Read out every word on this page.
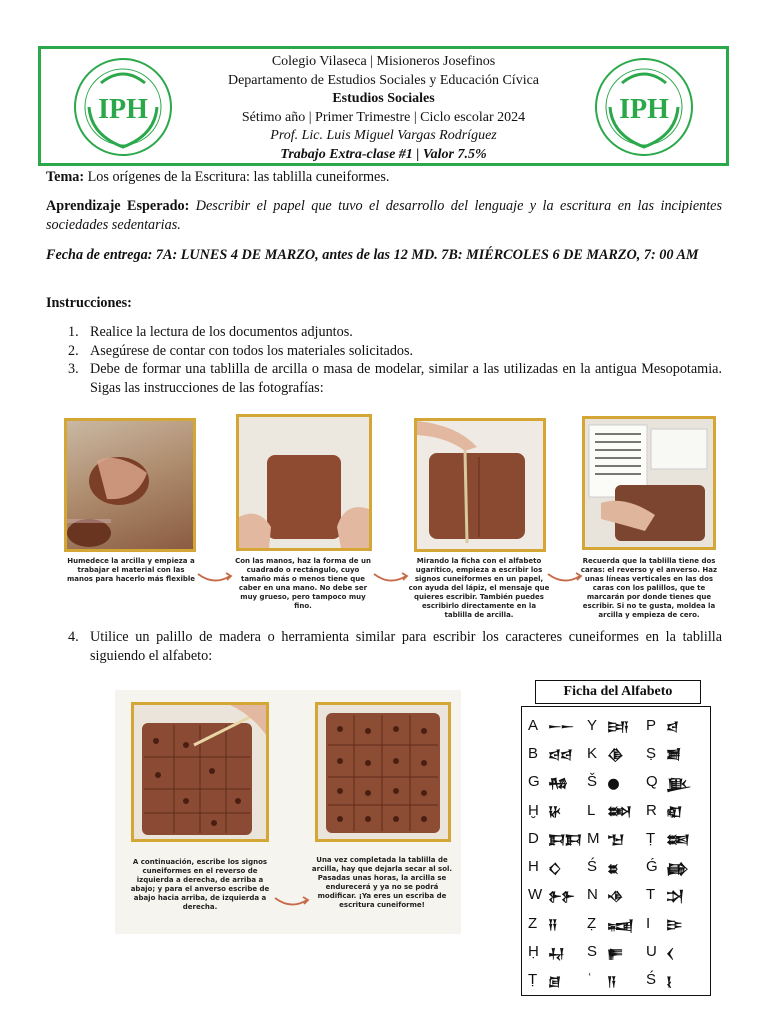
IPH
Colegio Vilaseca | Misioneros Josefinos
Departamento de Estudios Sociales y Educación Cívica
Estudios Sociales
Sétimo año | Primer Trimestre | Ciclo escolar 2024
Prof. Lic. Luis Miguel Vargas Rodríguez
Trabajo Extra-clase #1 | Valor 7.5%
IPH
Tema: Los orígenes de la Escritura: las tablilla cuneiformes.
Aprendizaje Esperado: Describir el papel que tuvo el desarrollo del lenguaje y la escritura en las incipientes sociedades sedentarias.
Fecha de entrega: 7A: LUNES 4 DE MARZO, antes de las 12 MD. 7B: MIÉRCOLES 6 DE MARZO, 7: 00 AM
Instrucciones:
1. Realice la lectura de los documentos adjuntos.
2. Asegúrese de contar con todos los materiales solicitados.
3. Debe de formar una tablilla de arcilla o masa de modelar, similar a las utilizadas en la antigua Mesopotamia. Sigas las instrucciones de las fotografías:
Humedece la arcilla y empieza a trabajar el material con las manos para hacerlo más flexible
Con las manos, haz la forma de un cuadrado o rectángulo, cuyo tamaño más o menos tiene que caber en una mano. No debe ser muy grueso, pero tampoco muy fino.
Mirando la ficha con el alfabeto ugarítico, empieza a escribir los signos cuneiformes en un papel, con ayuda del lápiz, el mensaje que quieres escribir. También puedes escribirlo directamente en la tablilla de arcilla.
Recuerda que la tablilla tiene dos caras: el reverso y el anverso. Haz unas líneas verticales en las dos caras con los palillos, que te marcarán por donde tienes que escribir. Si no te gusta, moldea la arcilla y empieza de cero.
4. Utilice un palillo de madera o herramienta similar para escribir los caracteres cuneiformes en la tablilla siguiendo el alfabeto:
A continuación, escribe los signos cuneiformes en el reverso de izquierda a derecha, de arriba a abajo; y para el anverso escribe de abajo hacia arriba, de izquierda a derecha.
Una vez completada la tablilla de arcilla, hay que dejarla secar al sol. Pasadas unas horas, la arcilla se endurecerá y ya no se podrá modificar. ¡Ya eres un escriba de escritura cuneiforme!
Ficha del Alfabeto
A 𒀸𒀸 Y 𒅀 P 𒁀
B 𒁀𒁀 K 𒆠 Ṣ 𒋢
G 𒄀 Š 𒊹 Q 𒆥
Ḫ 𒄩 L 𒇷 R 𒊏
D 𒁕𒁕 M 𒈠 Ṭ 𒌅
H 𒄭 Ś 𒊺 Ǵ 𒂵
W 𒉿𒉿 N 𒈾 T 𒋫
Z 𒍝 Ẓ 𒍢 I	𒄿
Ḥ 𒄷 S 𒊓 U 𒌋
Ṭ 𒌆 ʿ	𒀀 Ś 𒋙
